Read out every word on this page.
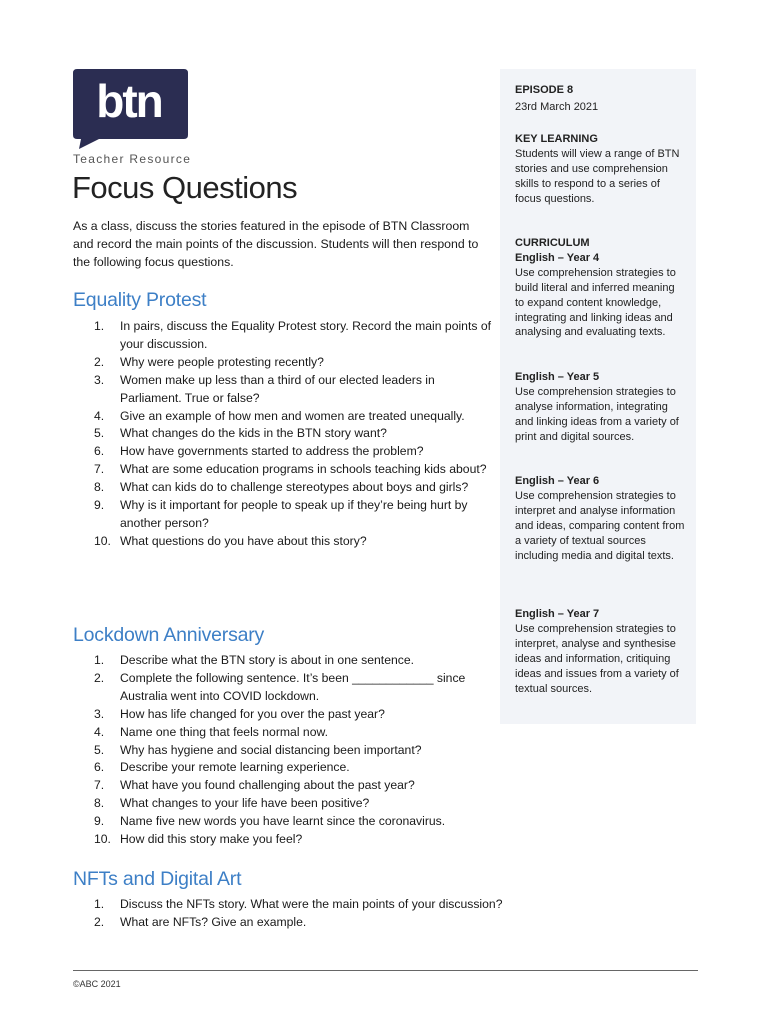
btn
Teacher Resource
Focus Questions
As a class, discuss the stories featured in the episode of BTN Classroom and record the main points of the discussion. Students will then respond to the following focus questions.
Equality Protest
1.	In pairs, discuss the Equality Protest story. Record the main points of your discussion.
2.	Why were people protesting recently?
3.	Women make up less than a third of our elected leaders in Parliament. True or false?
4.	Give an example of how men and women are treated unequally.
5.	What changes do the kids in the BTN story want?
6.	How have governments started to address the problem?
7.	What are some education programs in schools teaching kids about?
8.	What can kids do to challenge stereotypes about boys and girls?
9.	Why is it important for people to speak up if they’re being hurt by another person?
10. What questions do you have about this story?
Lockdown Anniversary
1.	Describe what the BTN story is about in one sentence.
2.	Complete the following sentence. It’s been ____________ since Australia went into COVID lockdown.
3.	How has life changed for you over the past year?
4.	Name one thing that feels normal now.
5.	Why has hygiene and social distancing been important?
6.	Describe your remote learning experience.
7.	What have you found challenging about the past year?
8.	What changes to your life have been positive?
9.	Name five new words you have learnt since the coronavirus.
10. How did this story make you feel?
NFTs and Digital Art
1.	Discuss the NFTs story. What were the main points of your discussion?
2.	What are NFTs? Give an example.
EPISODE 8
23rd March 2021
KEY LEARNING
Students will view a range of BTN stories and use comprehension skills to respond to a series of focus questions.
CURRICULUM
English – Year 4
Use comprehension strategies to build literal and inferred meaning to expand content knowledge, integrating and linking ideas and analysing and evaluating texts.
English – Year 5
Use comprehension strategies to analyse information, integrating and linking ideas from a variety of print and digital sources.
English – Year 6
Use comprehension strategies to interpret and analyse information and ideas, comparing content from a variety of textual sources including media and digital texts.
English – Year 7
Use comprehension strategies to interpret, analyse and synthesise ideas and information, critiquing ideas and issues from a variety of textual sources.
©ABC 2021
